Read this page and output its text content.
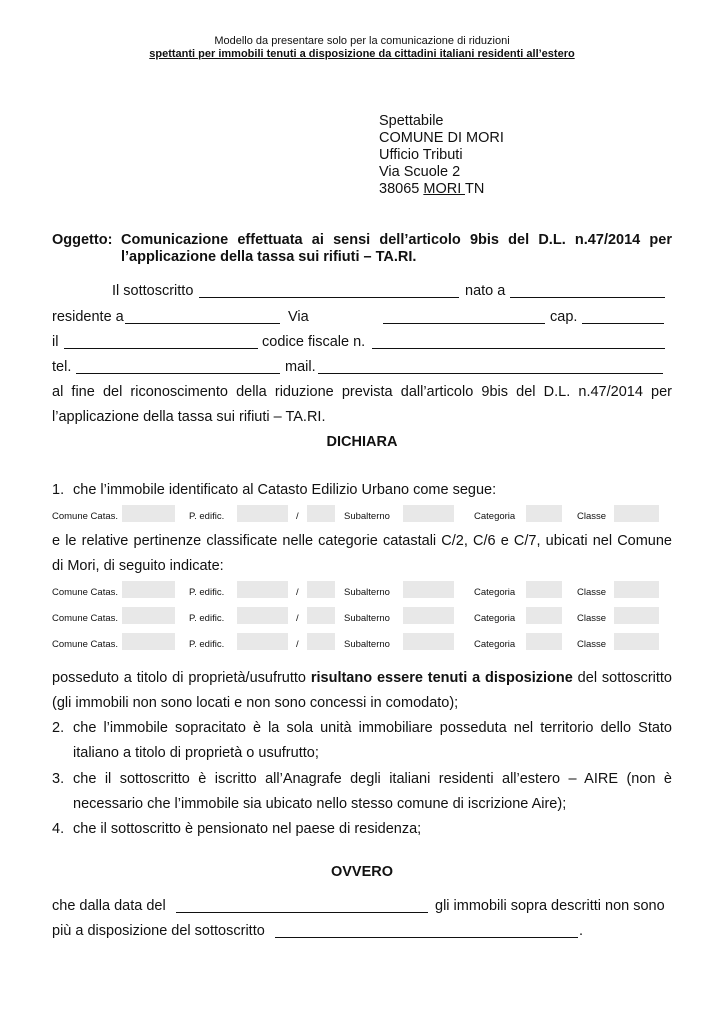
Modello da presentare solo per la comunicazione di riduzioni
spettanti per immobili tenuti a disposizione da cittadini italiani residenti all’estero
Spettabile
COMUNE DI MORI
Ufficio Tributi
Via Scuole 2
38065 MORI TN
Oggetto: Comunicazione effettuata ai sensi dell’articolo 9bis del D.L. n.47/2014 per
l’applicazione della tassa sui rifiuti – TA.RI.
Il sottoscritto	nato a
residente a	Via	cap.
il	codice fiscale n.
tel.	mail.
al fine del riconoscimento della riduzione prevista dall’articolo 9bis del D.L. n.47/2014 per
l’applicazione della tassa sui rifiuti – TA.RI.
DICHIARA
1. che l’immobile identificato al Catasto Edilizio Urbano come segue:
Comune Catas.	P. edific.	/	Subalterno	Categoria	Classe
e le relative pertinenze classificate nelle categorie catastali C/2, C/6 e C/7, ubicati nel Comune
di Mori, di seguito indicate:
Comune Catas.	P. edific.	/	Subalterno	Categoria	Classe
Comune Catas.	P. edific.	/	Subalterno	Categoria	Classe
Comune Catas.	P. edific.	/	Subalterno	Categoria	Classe
posseduto a titolo di proprietà/usufrutto risultano essere tenuti a disposizione del sottoscritto
(gli immobili non sono locati e non sono concessi in comodato);
2. che l’immobile sopracitato è la sola unità immobiliare posseduta nel territorio dello Stato
italiano a titolo di proprietà o usufrutto;
3. che il sottoscritto è iscritto all’Anagrafe degli italiani residenti all’estero – AIRE (non è
necessario che l’immobile sia ubicato nello stesso comune di iscrizione Aire);
4. che il sottoscritto è pensionato nel paese di residenza;
OVVERO
che dalla data del	gli immobili sopra descritti non sono
più a disposizione del sottoscritto	.
